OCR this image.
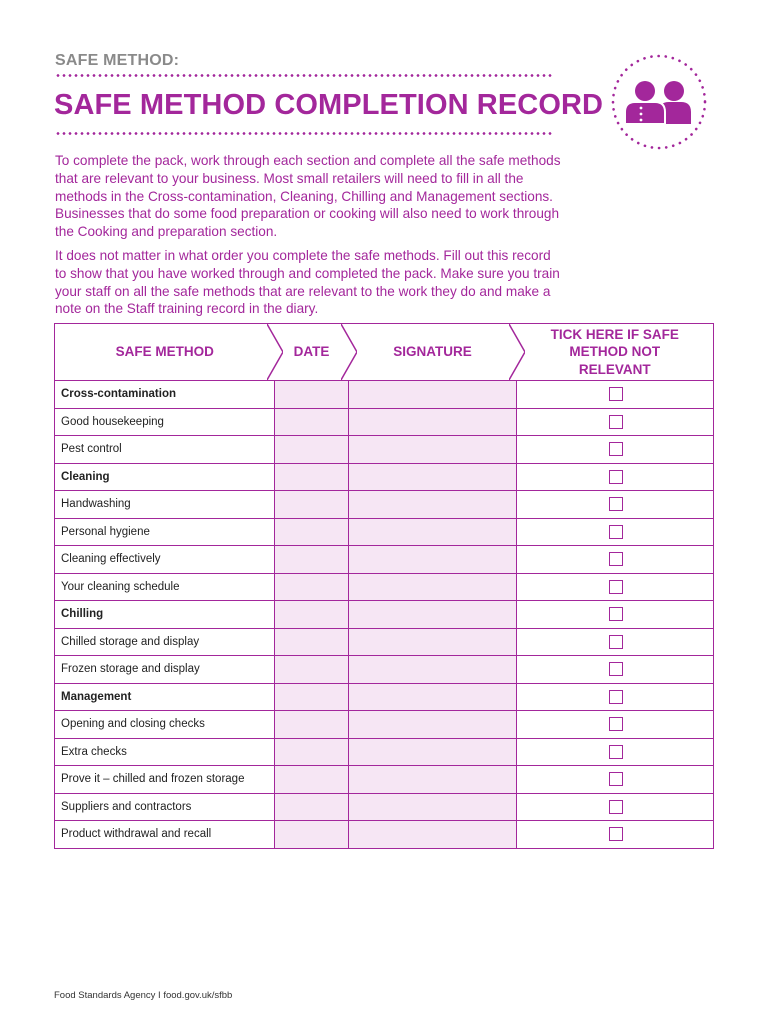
SAFE METHOD:
SAFE METHOD COMPLETION RECORD

To complete the pack, work through each section and complete all the safe methods that are relevant to your business. Most small retailers will need to fill in all the methods in the Cross-contamination, Cleaning, Chilling and Management sections. Businesses that do some food preparation or cooking will also need to work through the Cooking and preparation section.

It does not matter in what order you complete the safe methods. Fill out this record to show that you have worked through and completed the pack. Make sure you train your staff on all the safe methods that are relevant to the work they do and make a note on the Staff training record in the diary.

SAFE METHOD	DATE	SIGNATURE	TICK HERE IF SAFE METHOD NOT RELEVANT
Cross-contamination			
Good housekeeping			
Pest control			
Cleaning			
Handwashing			
Personal hygiene			
Cleaning effectively			
Your cleaning schedule			
Chilling			
Chilled storage and display			
Frozen storage and display			
Management			
Opening and closing checks			
Extra checks			
Prove it – chilled and frozen storage			
Suppliers and contractors			
Product withdrawal and recall			
Food Standards Agency I food.gov.uk/sfbb
